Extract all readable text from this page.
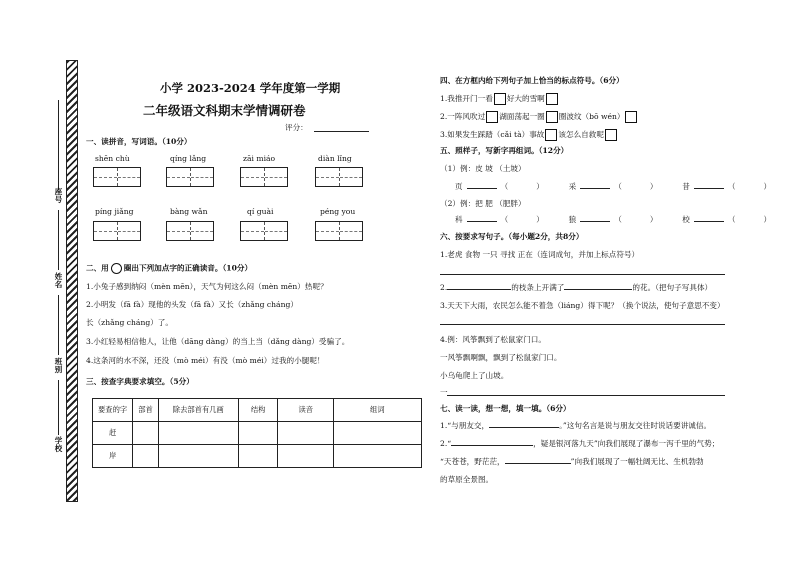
座号
姓名
班别
学校
小学 2023-2024 学年度第一学期
二年级语文科期末学情调研卷
评分：
一、读拼音，写词语。（10分）
shēn chù	qíng lǎng	zāi miáo	diàn lǐng
píng jiǎng	bàng wǎn	qí guài	péng you
二、用 圈出下列加点字的正确读音。（10分）
1.小兔子感到纳闷（mèn mēn），天气为何这么闷（mèn mēn）热呢？
2.小明发（fā fà）现他的头发（fā fà）又长（zhǎng cháng）
长（zhǎng cháng）了。
3.小红轻易相信他人，让他（dāng dàng）的当上当（dǎng dàng）受骗了。
4.这条河的水不深，还没（mò méi）有没（mò méi）过我的小腿呢！
三、按查字典要求填空。（5分）
要查的字	部首	除去部首有几画	结构	读音	组词
赶					
岸					
四、在方框内给下列句子加上恰当的标点符号。（6分）
1.我推开门一看 好大的雪啊
2.一阵风吹过 湖面荡起一圈 圈波纹（bō wén）
3.如果发生踩踏（cǎi tà）事故 该怎么自救呢
五、照样子，写新字再组词。（12分）
（1）例：皮 坡 （土坡）
页	（	）	采	（	）	昔	（	）
（2）例：把 肥 （肥胖）
科	（	）	狼	（	）	校	（	）
六、按要求写句子。（每小题2分，共8分）
1.老虎 食物 一只 寻找 正在（连词成句，并加上标点符号）
2.	的枝条上开满了	的花。（把句子写具体）
3.天天下大雨，农民怎么能不着急（liáng）得下呢？（换个说法，使句子意思不变）
4.例：风筝飘到了松鼠家门口。
一风筝飘啊飘，飘到了松鼠家门口。
小乌龟爬上了山坡。
一
七、读一读，想一想，填一填。（6分）
1.“与朋友交，	。”这句名言是说与朋友交往时说话要讲诚信。
2.“	，疑是银河落九天”向我们展现了瀑布一泻千里的气势；
“天苍苍，野茫茫，	”向我们展现了一幅牡阔无比、生机勃勃
的草原全景图。
